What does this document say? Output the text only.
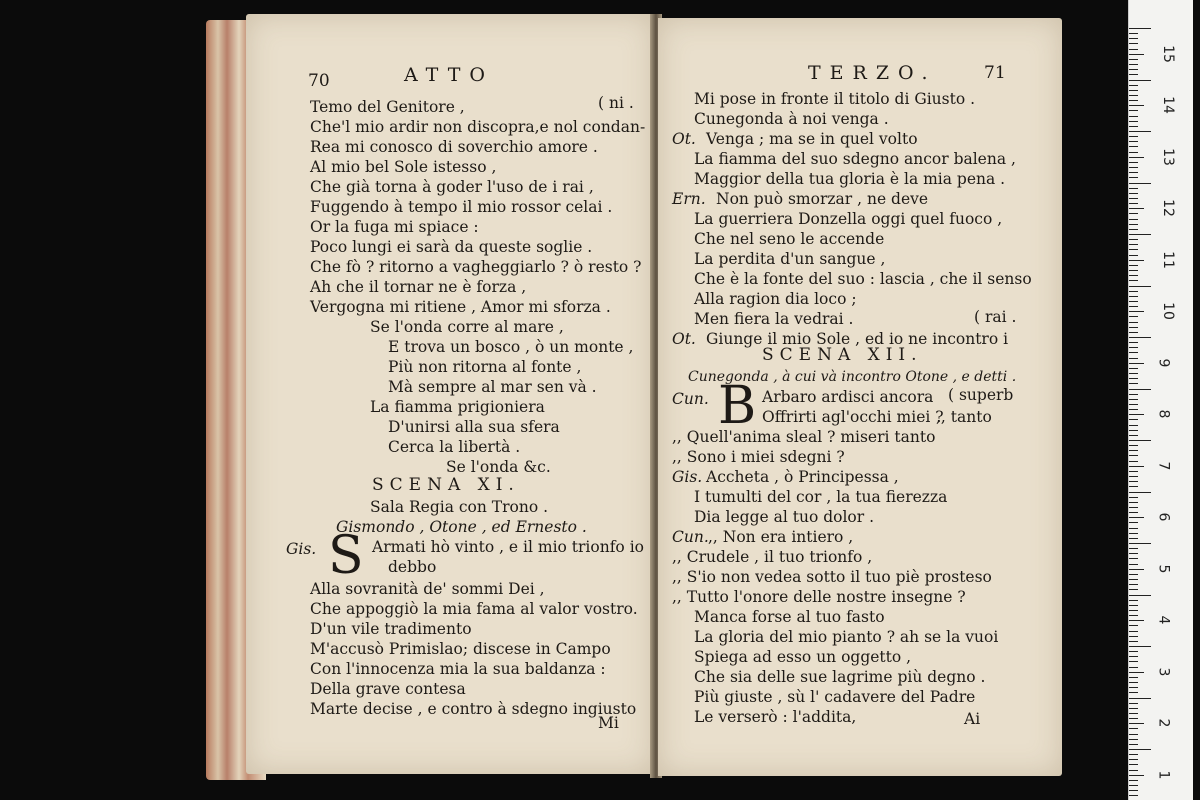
70	ATTO
Temo del Genitore ,	( ni .
Che'l mio ardir non discopra,e nol condan-
Rea mi conosco di soverchio amore .
Al mio bel Sole istesso ,
Che già torna à goder l'uso de i rai ,
Fuggendo à tempo il mio rossor celai .
Or la fuga mi spiace :
Poco lungi ei sarà da queste soglie .
Che fò ? ritorno a vagheggiarlo ? ò resto ?
Ah che il tornar ne è forza ,
Vergogna mi ritiene , Amor mi sforza .
Se l'onda corre al mare ,
E trova un bosco , ò un monte ,
Più non ritorna al fonte ,
Mà sempre al mar sen và .
La fiamma prigioniera
D'unirsi alla sua sfera
Cerca la libertà .
Se l'onda &c.
SCENA XI.
Sala Regia con Trono .
Gismondo , Otone , ed Ernesto .
Gis. S Armati hò vinto , e il mio trionfo io
debbo
Alla sovranità de' sommi Dei ,
Che appoggiò la mia fama al valor vostro.
D'un vile tradimento
M'accusò Primislao; discese in Campo
Con l'innocenza mia la sua baldanza :
Della grave contesa
Marte decise , e contro à sdegno ingiusto
Mi
TERZO.	71
Mi pose in fronte il titolo di Giusto .
Cunegonda à noi venga .
Ot. Venga ; ma se in quel volto
La fiamma del suo sdegno ancor balena ,
Maggior della tua gloria è la mia pena .
Ern. Non può smorzar , ne deve
La guerriera Donzella oggi quel fuoco ,
Che nel seno le accende
La perdita d'un sangue ,
Che è la fonte del suo : lascia , che il senso
Alla ragion dia loco ;
Men fiera la vedrai .	( rai .
Ot. Giunge il mio Sole , ed io ne incontro i
SCENA XII.
Cunegonda , à cui và incontro Otone , e detti .
Cun. B Arbaro ardisci ancora ( superb
Offrirti agl'occhi miei ?
,, tanto
,, Quell'anima sleal ? miseri tanto
,, Sono i miei sdegni ?
Gis. Accheta , ò Principessa ,
I tumulti del cor , la tua fierezza
Dia legge al tuo dolor .
Cun. ,, Non era intiero ,
,, Crudele , il tuo trionfo ,
,, S'io non vedea sotto il tuo piè prostesο
,, Tutto l'onore delle nostre insegne ?
Manca forse al tuo fasto
La gloria del mio pianto ? ah se la vuoi
Spiega ad esso un oggetto ,
Che sia delle sue lagrime più degno .
Più giuste , sù l' cadavere del Padre
Le verserò : l'addita,	Ai
15
14
13
12
11
10
9
8
7
6
5
4
3
2
1
